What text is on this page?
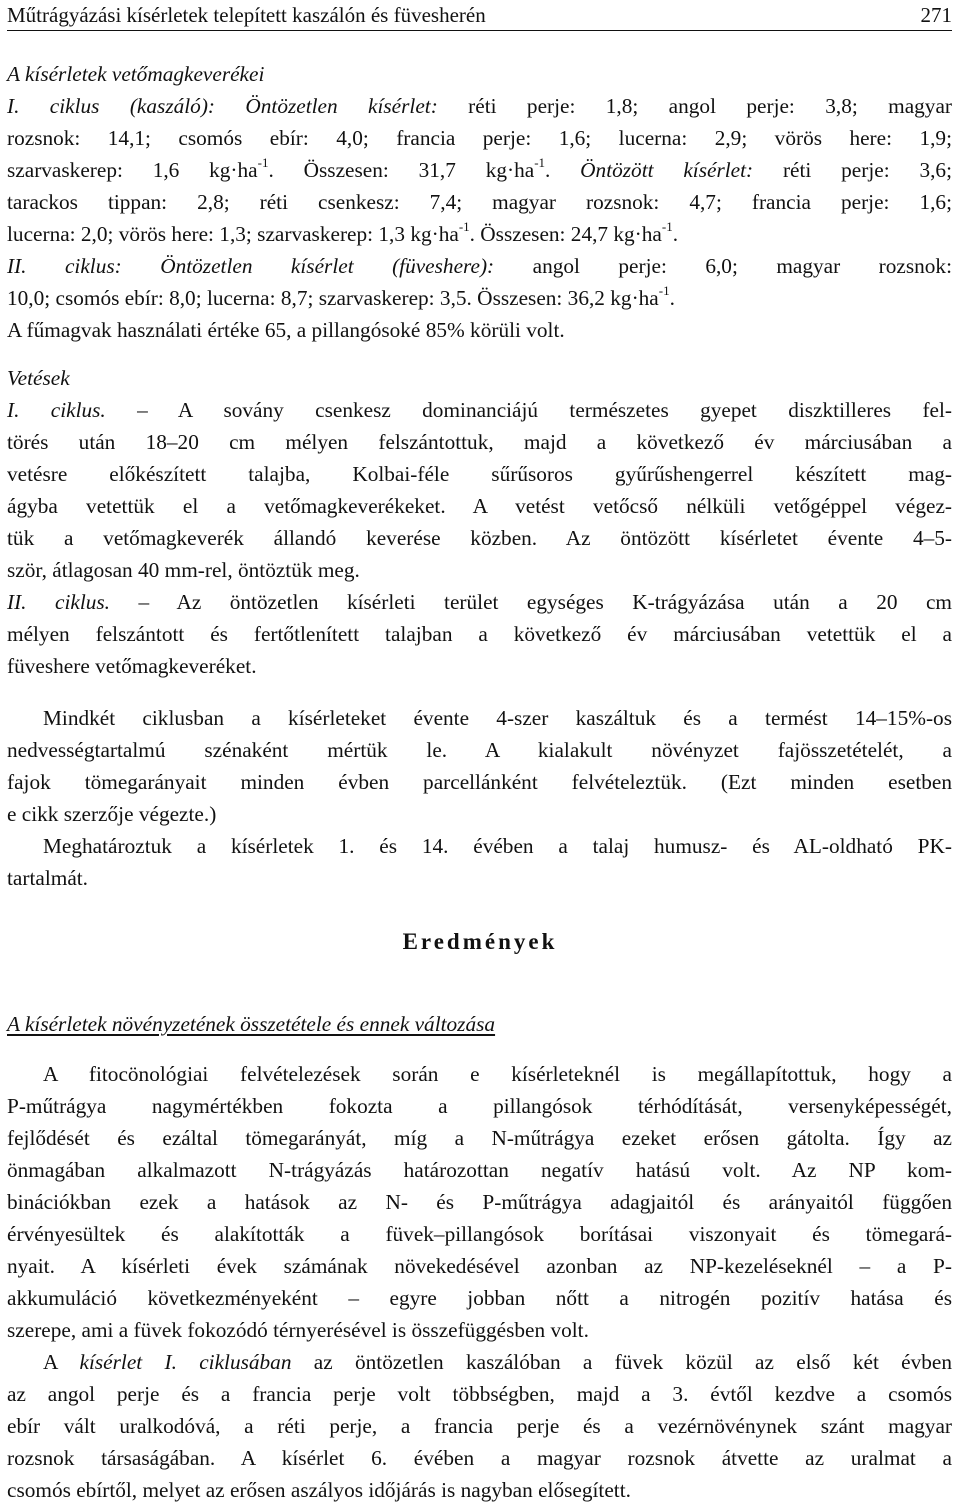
Műtrágyázási kísérletek telepített kaszálón és füvesherén	271
A kísérletek vetőmagkeverékei
I. ciklus (kaszáló): Öntözetlen kísérlet: réti perje: 1,8; angol perje: 3,8; magyar
rozsnok: 14,1; csomós ebír: 4,0; francia perje: 1,6; lucerna: 2,9; vörös here: 1,9;
szarvaskerep: 1,6 $kg\cdot ha^{-1}$. Összesen: 31,7 $kg\cdot ha^{-1}$. Öntözött kísérlet: réti perje: 3,6;
tarackos tippan: 2,8; réti csenkesz: 7,4; magyar rozsnok: 4,7; francia perje: 1,6;
lucerna: 2,0; vörös here: 1,3; szarvaskerep: 1,3 $kg\cdot ha^{-1}$. Összesen: 24,7 $kg\cdot ha^{-1}$.
II. ciklus: Öntözetlen kísérlet (füveshere): angol perje: 6,0; magyar rozsnok:
10,0; csomós ebír: 8,0; lucerna: 8,7; szarvaskerep: 3,5. Összesen: 36,2 $kg\cdot ha^{-1}$.
A fűmagvak használati értéke 65, a pillangósoké 85% körüli volt.
Vetések
I. ciklus. – A sovány csenkesz dominanciájú természetes gyepet diszktilleres fel-
törés után 18–20 cm mélyen felszántottuk, majd a következő év márciusában a
vetésre előkészített talajba, Kolbai-féle sűrűsoros gyűrűshengerrel készített mag-
ágyba vetettük el a vetőmagkeverékeket. A vetést vetőcső nélküli vetőgéppel végez-
tük a vetőmagkeverék állandó keverése közben. Az öntözött kísérletet évente 4–5-
ször, átlagosan 40 mm-rel, öntöztük meg.
II. ciklus. – Az öntözetlen kísérleti terület egységes K-trágyázása után a 20 cm
mélyen felszántott és fertőtlenített talajban a következő év márciusában vetettük el a
füveshere vetőmagkeveréket.
Mindkét ciklusban a kísérleteket évente 4-szer kaszáltuk és a termést 14–15%-os
nedvességtartalmú szénaként mértük le. A kialakult növényzet fajösszetételét, a
fajok tömegarányait minden évben parcellánként felvételeztük. (Ezt minden esetben
e cikk szerzője végezte.)
Meghatároztuk a kísérletek 1. és 14. évében a talaj humusz- és AL-oldható PK-
tartalmát.
Eredmények
A kísérletek növényzetének összetétele és ennek változása
A fitocönológiai felvételezések során e kísérleteknél is megállapítottuk, hogy a
P-műtrágya nagymértékben fokozta a pillangósok térhódítását, versenyképességét,
fejlődését és ezáltal tömegarányát, míg a N-műtrágya ezeket erősen gátolta. Így az
önmagában alkalmazott N-trágyázás határozottan negatív hatású volt. Az NP kom-
binációkban ezek a hatások az N- és P-műtrágya adagjaitól és arányaitól függően
érvényesültek és alakították a füvek–pillangósok borításai viszonyait és tömegará-
nyait. A kísérleti évek számának növekedésével azonban az NP-kezeléseknél – a P-
akkumuláció következményeként – egyre jobban nőtt a nitrogén pozitív hatása és
szerepe, ami a füvek fokozódó térnyerésével is összefüggésben volt.
A kísérlet I. ciklusában az öntözetlen kaszálóban a füvek közül az első két évben
az angol perje és a francia perje volt többségben, majd a 3. évtől kezdve a csomós
ebír vált uralkodóvá, a réti perje, a francia perje és a vezérnövénynek szánt magyar
rozsnok társaságában. A kísérlet 6. évében a magyar rozsnok átvette az uralmat a
csomós ebírtől, melyet az erősen aszályos időjárás is nagyban elősegített.
